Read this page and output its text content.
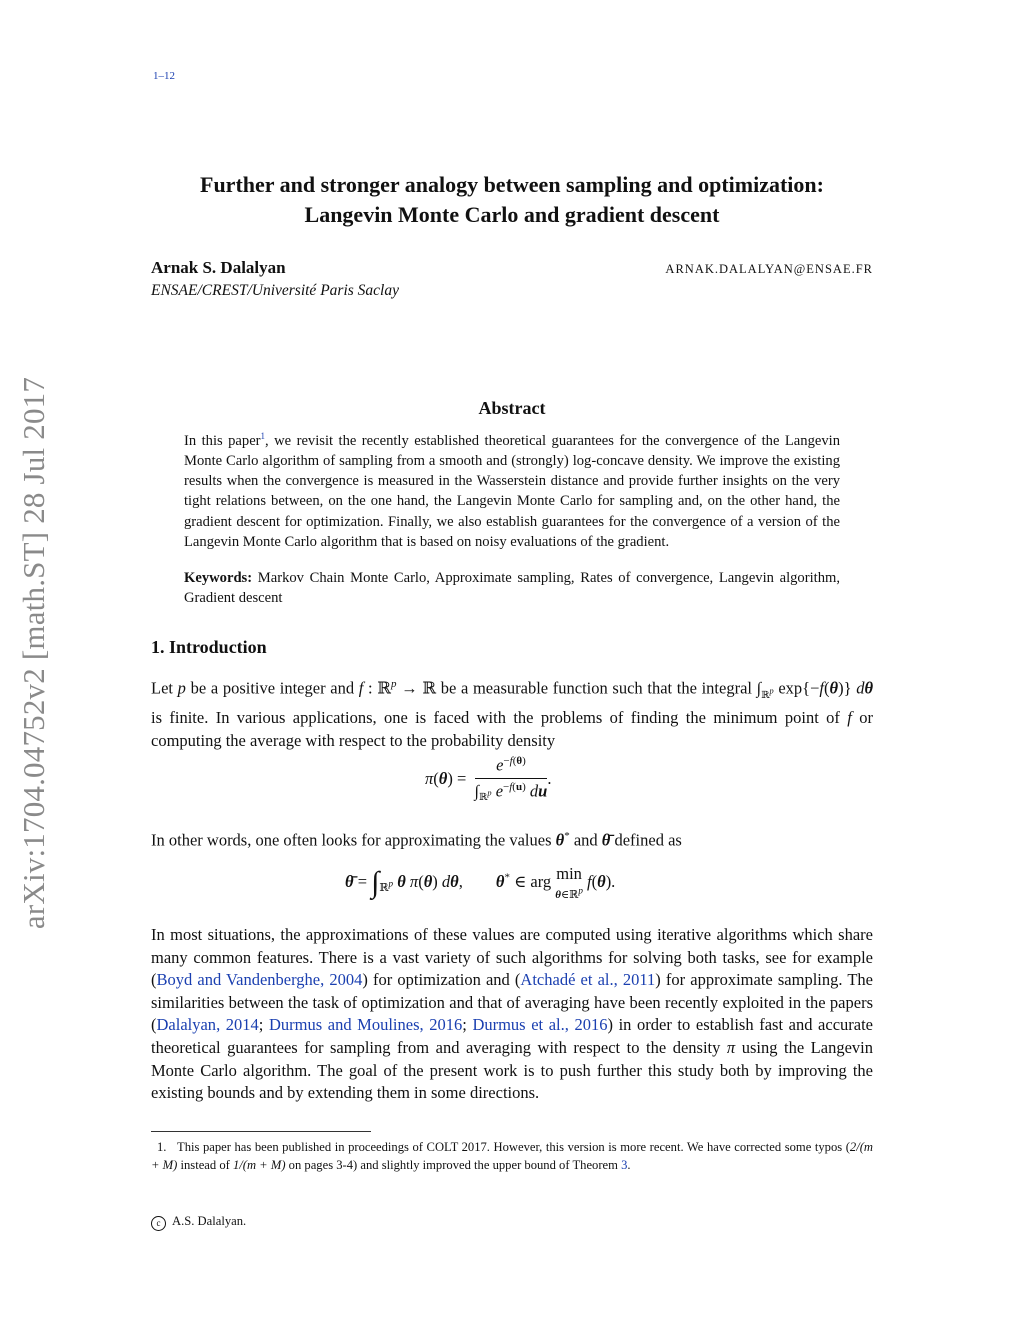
1–12
arXiv:1704.04752v2 [math.ST] 28 Jul 2017
Further and stronger analogy between sampling and optimization:
Langevin Monte Carlo and gradient descent
Arnak S. Dalalyan	ARNAK.DALALYAN@ENSAE.FR
ENSAE/CREST/Université Paris Saclay
Abstract

In this paper$^1$, we revisit the recently established theoretical guarantees for the convergence of the Langevin Monte Carlo algorithm of sampling from a smooth and (strongly) log-concave density. We improve the existing results when the convergence is measured in the Wasserstein distance and provide further insights on the very tight relations between, on the one hand, the Langevin Monte Carlo for sampling and, on the other hand, the gradient descent for optimization. Finally, we also establish guarantees for the convergence of a version of the Langevin Monte Carlo algorithm that is based on noisy evaluations of the gradient.

Keywords: Markov Chain Monte Carlo, Approximate sampling, Rates of convergence, Langevin algorithm, Gradient descent

1. Introduction

Let p be a positive integer and f : ℝ$^p$ → ℝ be a measurable function such that the integral $\int_{ℝ^p}$ exp{−f(θ)} dθ is finite. In various applications, one is faced with the problems of finding the minimum point of f or computing the average with respect to the probability density

$\pi(\theta) = \frac{e^{-f(\theta)}}{\int_{ℝ^p} e^{-f(u)} du}$ .

In other words, one often looks for approximating the values θ* and θ̄ defined as

θ̄ = $\int_{ℝ^p}$ θ π(θ) dθ,        θ* ∈ arg min
θ∈ℝ$^p$ f(θ).

In most situations, the approximations of these values are computed using iterative algorithms which share many common features. There is a vast variety of such algorithms for solving both tasks, see for example (Boyd and Vandenberghe, 2004) for optimization and (Atchadé et al., 2011) for approximate sampling. The similarities between the task of optimization and that of averaging have been recently exploited in the papers (Dalalyan, 2014; Durmus and Moulines, 2016; Durmus et al., 2016) in order to establish fast and accurate theoretical guarantees for sampling from and averaging with respect to the density π using the Langevin Monte Carlo algorithm. The goal of the present work is to push further this study both by improving the existing bounds and by extending them in some directions.

1. This paper has been published in proceedings of COLT 2017. However, this version is more recent. We have corrected some typos (2/(m + M) instead of 1/(m + M) on pages 3-4) and slightly improved the upper bound of Theorem 3.

c A.S. Dalalyan.
